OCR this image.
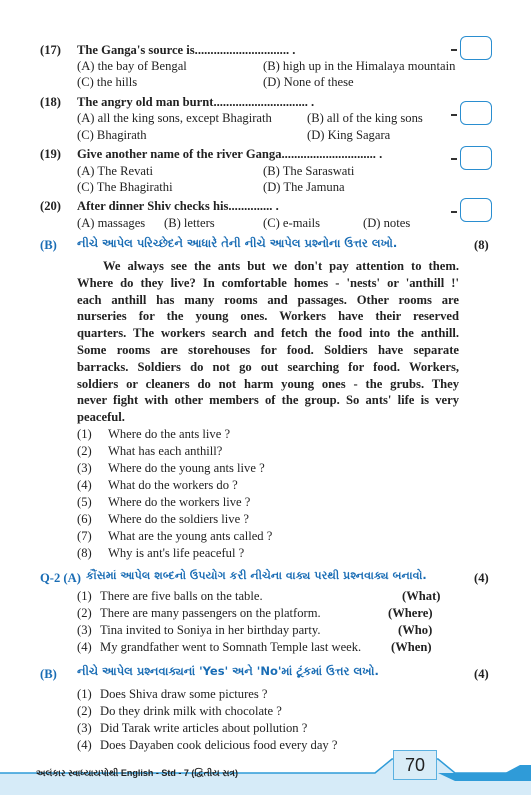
(17) The Ganga's source is.............................. .
(A) the bay of Bengal	(B) high up in the Himalaya mountain
(C) the hills	(D) None of these
(18) The angry old man burnt.............................. .
(A) all the king sons, except Bhagirath	(B) all of the king sons
(C) Bhagirath	(D) King Sagara
(19) Give another name of the river Ganga.............................. .
(A) The Revati	(B) The Saraswati
(C) The Bhagirathi	(D) The Jamuna
(20) After dinner Shiv checks his.............. .
(A) massages (B) letters	(C) e-mails	(D) notes
(B) નીચે આપેલ પરિચ્છેદને આધારે તેની નીચે આપેલ પ્રશ્નોના ઉત્તર લખો.	(8)
We always see the ants but we don't pay attention to them.
Where do they live? In comfortable homes - 'nests' or 'anthill !'
each anthill has many rooms and passages. Other rooms are
nurseries for the young ones. Workers have their reserved
quarters. The workers search and fetch the food into the anthill.
Some rooms are storehouses for food. Soldiers have separate
barracks. Soldiers do not go out searching for food. Workers,
soldiers or cleaners do not harm young ones - the grubs. They
never fight with other members of the group. So ants' life is very
peaceful.
(1) Where do the ants live ?
(2) What has each anthill?
(3) Where do the young ants live ?
(4) What do the workers do ?
(5) Where do the workers live ?
(6) Where do the soldiers live ?
(7) What are the young ants called ?
(8) Why is ant's life peaceful ?
Q-2 (A) કૌંસમાં આપેલ શબ્દનો ઉપયોગ કરી નીચેના વાક્ય પરથી પ્રશ્નવાક્ય બનાવો.	(4)
(1) There are five balls on the table.	(What)
(2) There are many passengers on the platform.	(Where)
(3) Tina invited to Soniya in her birthday party.	(Who)
(4) My grandfather went to Somnath Temple last week. (When)
(B) નીચે આપેલ પ્રશ્નવાક્યનાં 'Yes' અને 'No'માં ટૂંકમાં ઉત્તર લખો.	(4)
(1) Does Shiva draw some pictures ?
(2) Do they drink milk with chocolate ?
(3) Did Tarak write articles about pollution ?
(4) Does Dayaben cook delicious food every day ?
અલંકાર સ્વાધ્યાયપોથી English - Std - 7 (દ્વિતીય સત્ર)	70
